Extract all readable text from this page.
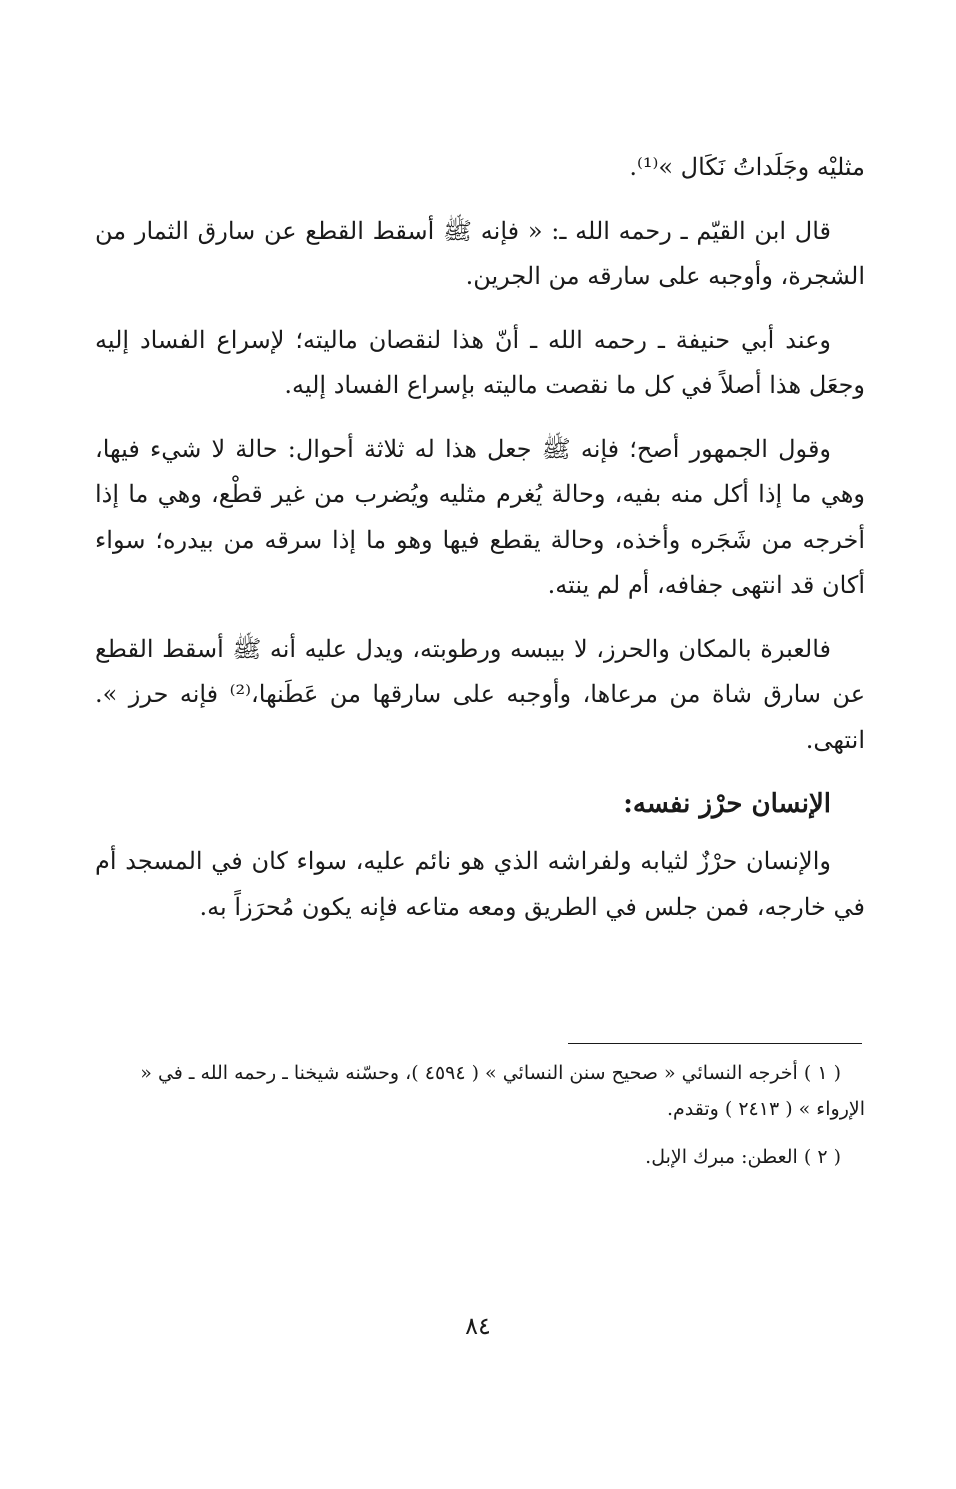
مثليْه وجَلَداتُ نَكَال »⁽¹⁾.

قال ابن القيّم ـ رحمه الله ـ: « فإنه ﷺ أسقط القطع عن سارق الثمار من الشجرة، وأوجبه على سارقه من الجرين.

وعند أبي حنيفة ـ رحمه الله ـ أنّ هذا لنقصان ماليته؛ لإسراع الفساد إليه وجعَل هذا أصلاً في كل ما نقصت ماليته بإسراع الفساد إليه.

وقول الجمهور أصح؛ فإنه ﷺ جعل هذا له ثلاثة أحوال: حالة لا شيء فيها، وهي ما إذا أكل منه بفيه، وحالة يُغرم مثليه ويُضرب من غير قطْع، وهي ما إذا أخرجه من شَجَره وأخذه، وحالة يقطع فيها وهو ما إذا سرقه من بيدره؛ سواء أكان قد انتهى جفافه، أم لم ينته.

فالعبرة بالمكان والحرز، لا بيبسه ورطوبته، ويدل عليه أنه ﷺ أسقط القطع عن سارق شاة من مرعاها، وأوجبه على سارقها من عَطَنها،⁽²⁾ فإنه حرز ». انتهى.

الإنسان حرْز نفسه:

والإنسان حرْزٌ لثيابه ولفراشه الذي هو نائم عليه، سواء كان في المسجد أم في خارجه، فمن جلس في الطريق ومعه متاعه فإنه يكون مُحرَزاً به.

( ١ ) أخرجه النسائي « صحيح سنن النسائي » ( ٤٥٩٤ )، وحسّنه شيخنا ـ رحمه الله ـ في « الإرواء » ( ٢٤١٣ ) وتقدم.

( ٢ ) العطن: مبرك الإبل.

٨٤
